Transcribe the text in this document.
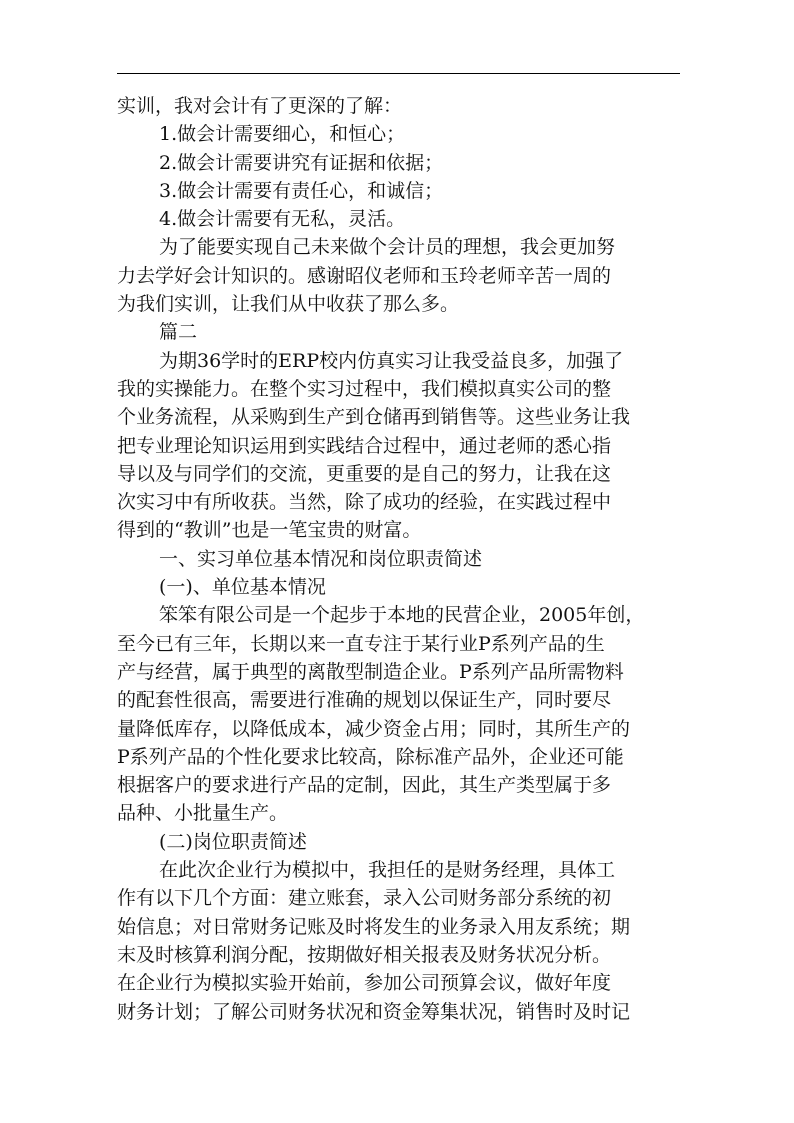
实训，我对会计有了更深的了解：
1.做会计需要细心，和恒心；
2.做会计需要讲究有证据和依据；
3.做会计需要有责任心，和诚信；
4.做会计需要有无私，灵活。
为了能要实现自己未来做个会计员的理想，我会更加努
力去学好会计知识的。感谢昭仪老师和玉玲老师辛苦一周的
为我们实训，让我们从中收获了那么多。
篇二
为期36学时的ERP校内仿真实习让我受益良多，加强了
我的实操能力。在整个实习过程中，我们模拟真实公司的整
个业务流程，从采购到生产到仓储再到销售等。这些业务让我
把专业理论知识运用到实践结合过程中，通过老师的悉心指
导以及与同学们的交流，更重要的是自己的努力，让我在这
次实习中有所收获。当然，除了成功的经验，在实践过程中
得到的“教训”也是一笔宝贵的财富。
一、实习单位基本情况和岗位职责简述
(一)、单位基本情况
笨笨有限公司是一个起步于本地的民营企业，2005年创，
至今已有三年，长期以来一直专注于某行业P系列产品的生
产与经营，属于典型的离散型制造企业。P系列产品所需物料
的配套性很高，需要进行准确的规划以保证生产，同时要尽
量降低库存，以降低成本，减少资金占用；同时，其所生产的
P系列产品的个性化要求比较高，除标准产品外，企业还可能
根据客户的要求进行产品的定制，因此，其生产类型属于多
品种、小批量生产。
(二)岗位职责简述
在此次企业行为模拟中，我担任的是财务经理，具体工
作有以下几个方面：建立账套，录入公司财务部分系统的初
始信息；对日常财务记账及时将发生的业务录入用友系统；期
末及时核算利润分配，按期做好相关报表及财务状况分析。
在企业行为模拟实验开始前，参加公司预算会议，做好年度
财务计划；了解公司财务状况和资金筹集状况，销售时及时记
